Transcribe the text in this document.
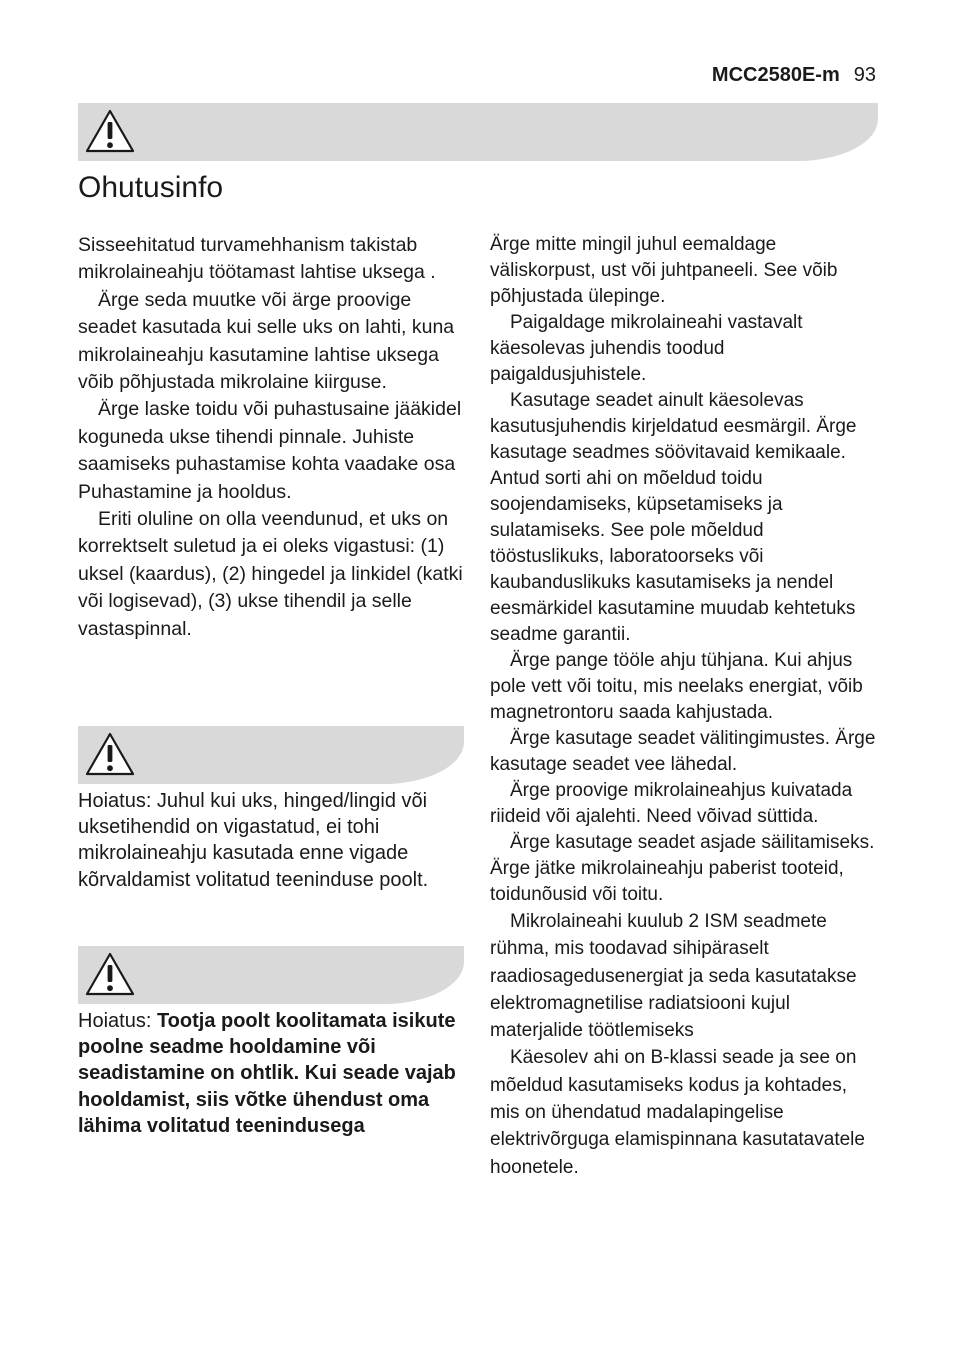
MCC2580E-m 93
Ohutusinfo

Sisseehitatud turvamehhanism takistab mikrolaineahju töötamast lahtise uksega .

Ärge seda muutke või ärge proovige seadet kasutada kui selle uks on lahti, kuna mikrolaineahju kasutamine lahtise uksega võib põhjustada mikrolaine kiirguse.

Ärge laske toidu või puhastusaine jääkidel koguneda ukse tihendi pinnale. Juhiste saamiseks puhastamise kohta vaadake osa Puhastamine ja hooldus.

Eriti oluline on olla veendunud, et uks on korrektselt suletud ja ei oleks vigastusi: (1) uksel (kaardus), (2) hingedel ja linkidel (katki või logisevad), (3) ukse tihendil ja selle vastaspinnal.

Hoiatus: Juhul kui uks, hinged/lingid või uksetihendid on vigastatud, ei tohi mikrolaineahju kasutada enne vigade kõrvaldamist volitatud teeninduse poolt.

Hoiatus: Tootja poolt koolitamata isikute poolne seadme hooldamine või seadistamine on ohtlik. Kui seade vajab hooldamist, siis võtke ühendust oma lähima volitatud teenindusega

Ärge mitte mingil juhul eemaldage väliskorpust, ust või juhtpaneeli. See võib põhjustada ülepinge.

Paigaldage mikrolaineahi vastavalt käesolevas juhendis toodud paigaldusjuhistele.

Kasutage seadet ainult käesolevas kasutusjuhendis kirjeldatud eesmärgil. Ärge kasutage seadmes söövitavaid kemikaale. Antud sorti ahi on mõeldud toidu soojendamiseks, küpsetamiseks ja sulatamiseks. See pole mõeldud tööstuslikuks, laboratoorseks või kaubanduslikuks kasutamiseks ja nendel eesmärkidel kasutamine muudab kehtetuks seadme garantii.

Ärge pange tööle ahju tühjana. Kui ahjus pole vett või toitu, mis neelaks energiat, võib magnetrontoru saada kahjustada.

Ärge kasutage seadet välitingimustes. Ärge kasutage seadet vee lähedal.

Ärge proovige mikrolaineahjus kuivatada riideid või ajalehti. Need võivad süttida.

Ärge kasutage seadet asjade säilitamiseks. Ärge jätke mikrolaineahju paberist tooteid, toidunõusid või toitu.

Mikrolaineahi kuulub 2 ISM seadmete rühma, mis toodavad sihipäraselt raadiosagedusenergiat ja seda kasutatakse elektromagnetilise radiatsiooni kujul materjalide töötlemiseks

Käesolev ahi on B-klassi seade ja see on mõeldud kasutamiseks kodus ja kohtades, mis on ühendatud madalapingelise elektrivõrguga elamispinnana kasutatavatele hoonetele.
